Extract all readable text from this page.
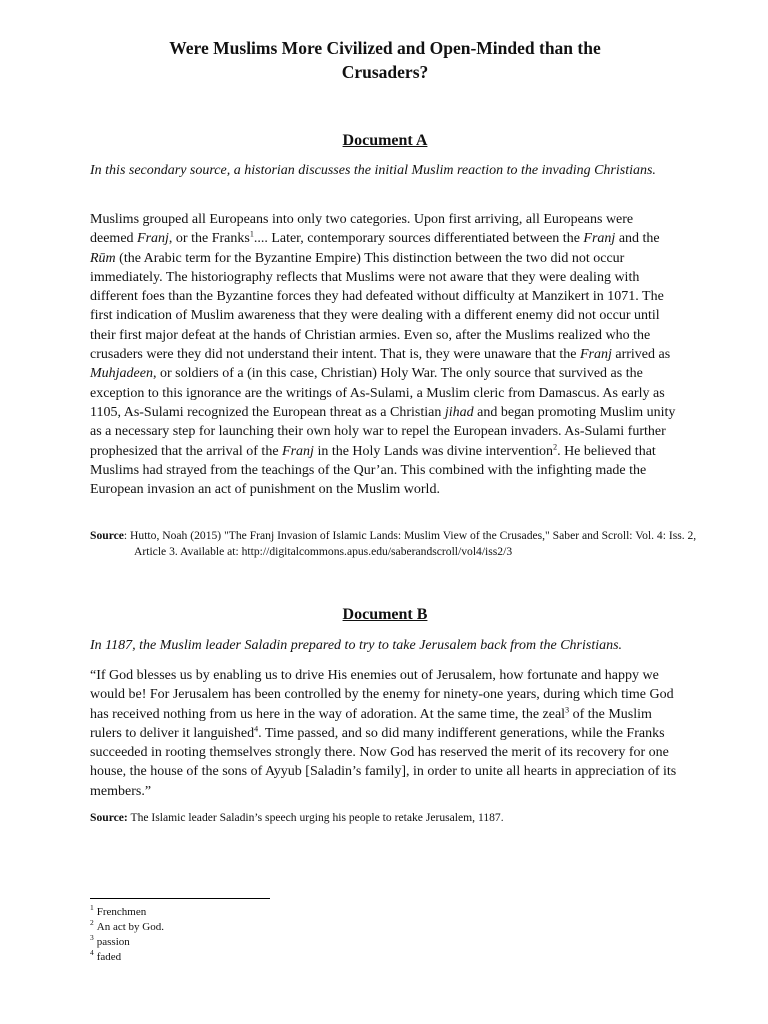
Were Muslims More Civilized and Open-Minded than the Crusaders?

Document A

In this secondary source, a historian discusses the initial Muslim reaction to the invading Christians.

Muslims grouped all Europeans into only two categories. Upon first arriving, all Europeans were deemed Franj, or the Franks$^1$.... Later, contemporary sources differentiated between the Franj and the Rūm (the Arabic term for the Byzantine Empire) This distinction between the two did not occur immediately. The historiography reflects that Muslims were not aware that they were dealing with different foes than the Byzantine forces they had defeated without difficulty at Manzikert in 1071. The first indication of Muslim awareness that they were dealing with a different enemy did not occur until their first major defeat at the hands of Christian armies. Even so, after the Muslims realized who the crusaders were they did not understand their intent. That is, they were unaware that the Franj arrived as Muhjadeen, or soldiers of a (in this case, Christian) Holy War. The only source that survived as the exception to this ignorance are the writings of As-Sulami, a Muslim cleric from Damascus. As early as 1105, As-Sulami recognized the European threat as a Christian jihad and began promoting Muslim unity as a necessary step for launching their own holy war to repel the European invaders. As-Sulami further prophesized that the arrival of the Franj in the Holy Lands was divine intervention$^2$. He believed that Muslims had strayed from the teachings of the Qur’an. This combined with the infighting made the European invasion an act of punishment on the Muslim world.

Source: Hutto, Noah (2015) "The Franj Invasion of Islamic Lands: Muslim View of the Crusades," Saber and Scroll: Vol. 4: Iss. 2, Article 3. Available at: http://digitalcommons.apus.edu/saberandscroll/vol4/iss2/3

Document B

In 1187, the Muslim leader Saladin prepared to try to take Jerusalem back from the Christians.

“If God blesses us by enabling us to drive His enemies out of Jerusalem, how fortunate and happy we would be! For Jerusalem has been controlled by the enemy for ninety-one years, during which time God has received nothing from us here in the way of adoration. At the same time, the zeal$^3$ of the Muslim rulers to deliver it languished$^4$. Time passed, and so did many indifferent generations, while the Franks succeeded in rooting themselves strongly there. Now God has reserved the merit of its recovery for one house, the house of the sons of Ayyub [Saladin’s family], in order to unite all hearts in appreciation of its members.”

Source: The Islamic leader Saladin’s speech urging his people to retake Jerusalem, 1187.

$^1$ Frenchmen
$^2$ An act by God.
$^3$ passion
$^4$ faded
